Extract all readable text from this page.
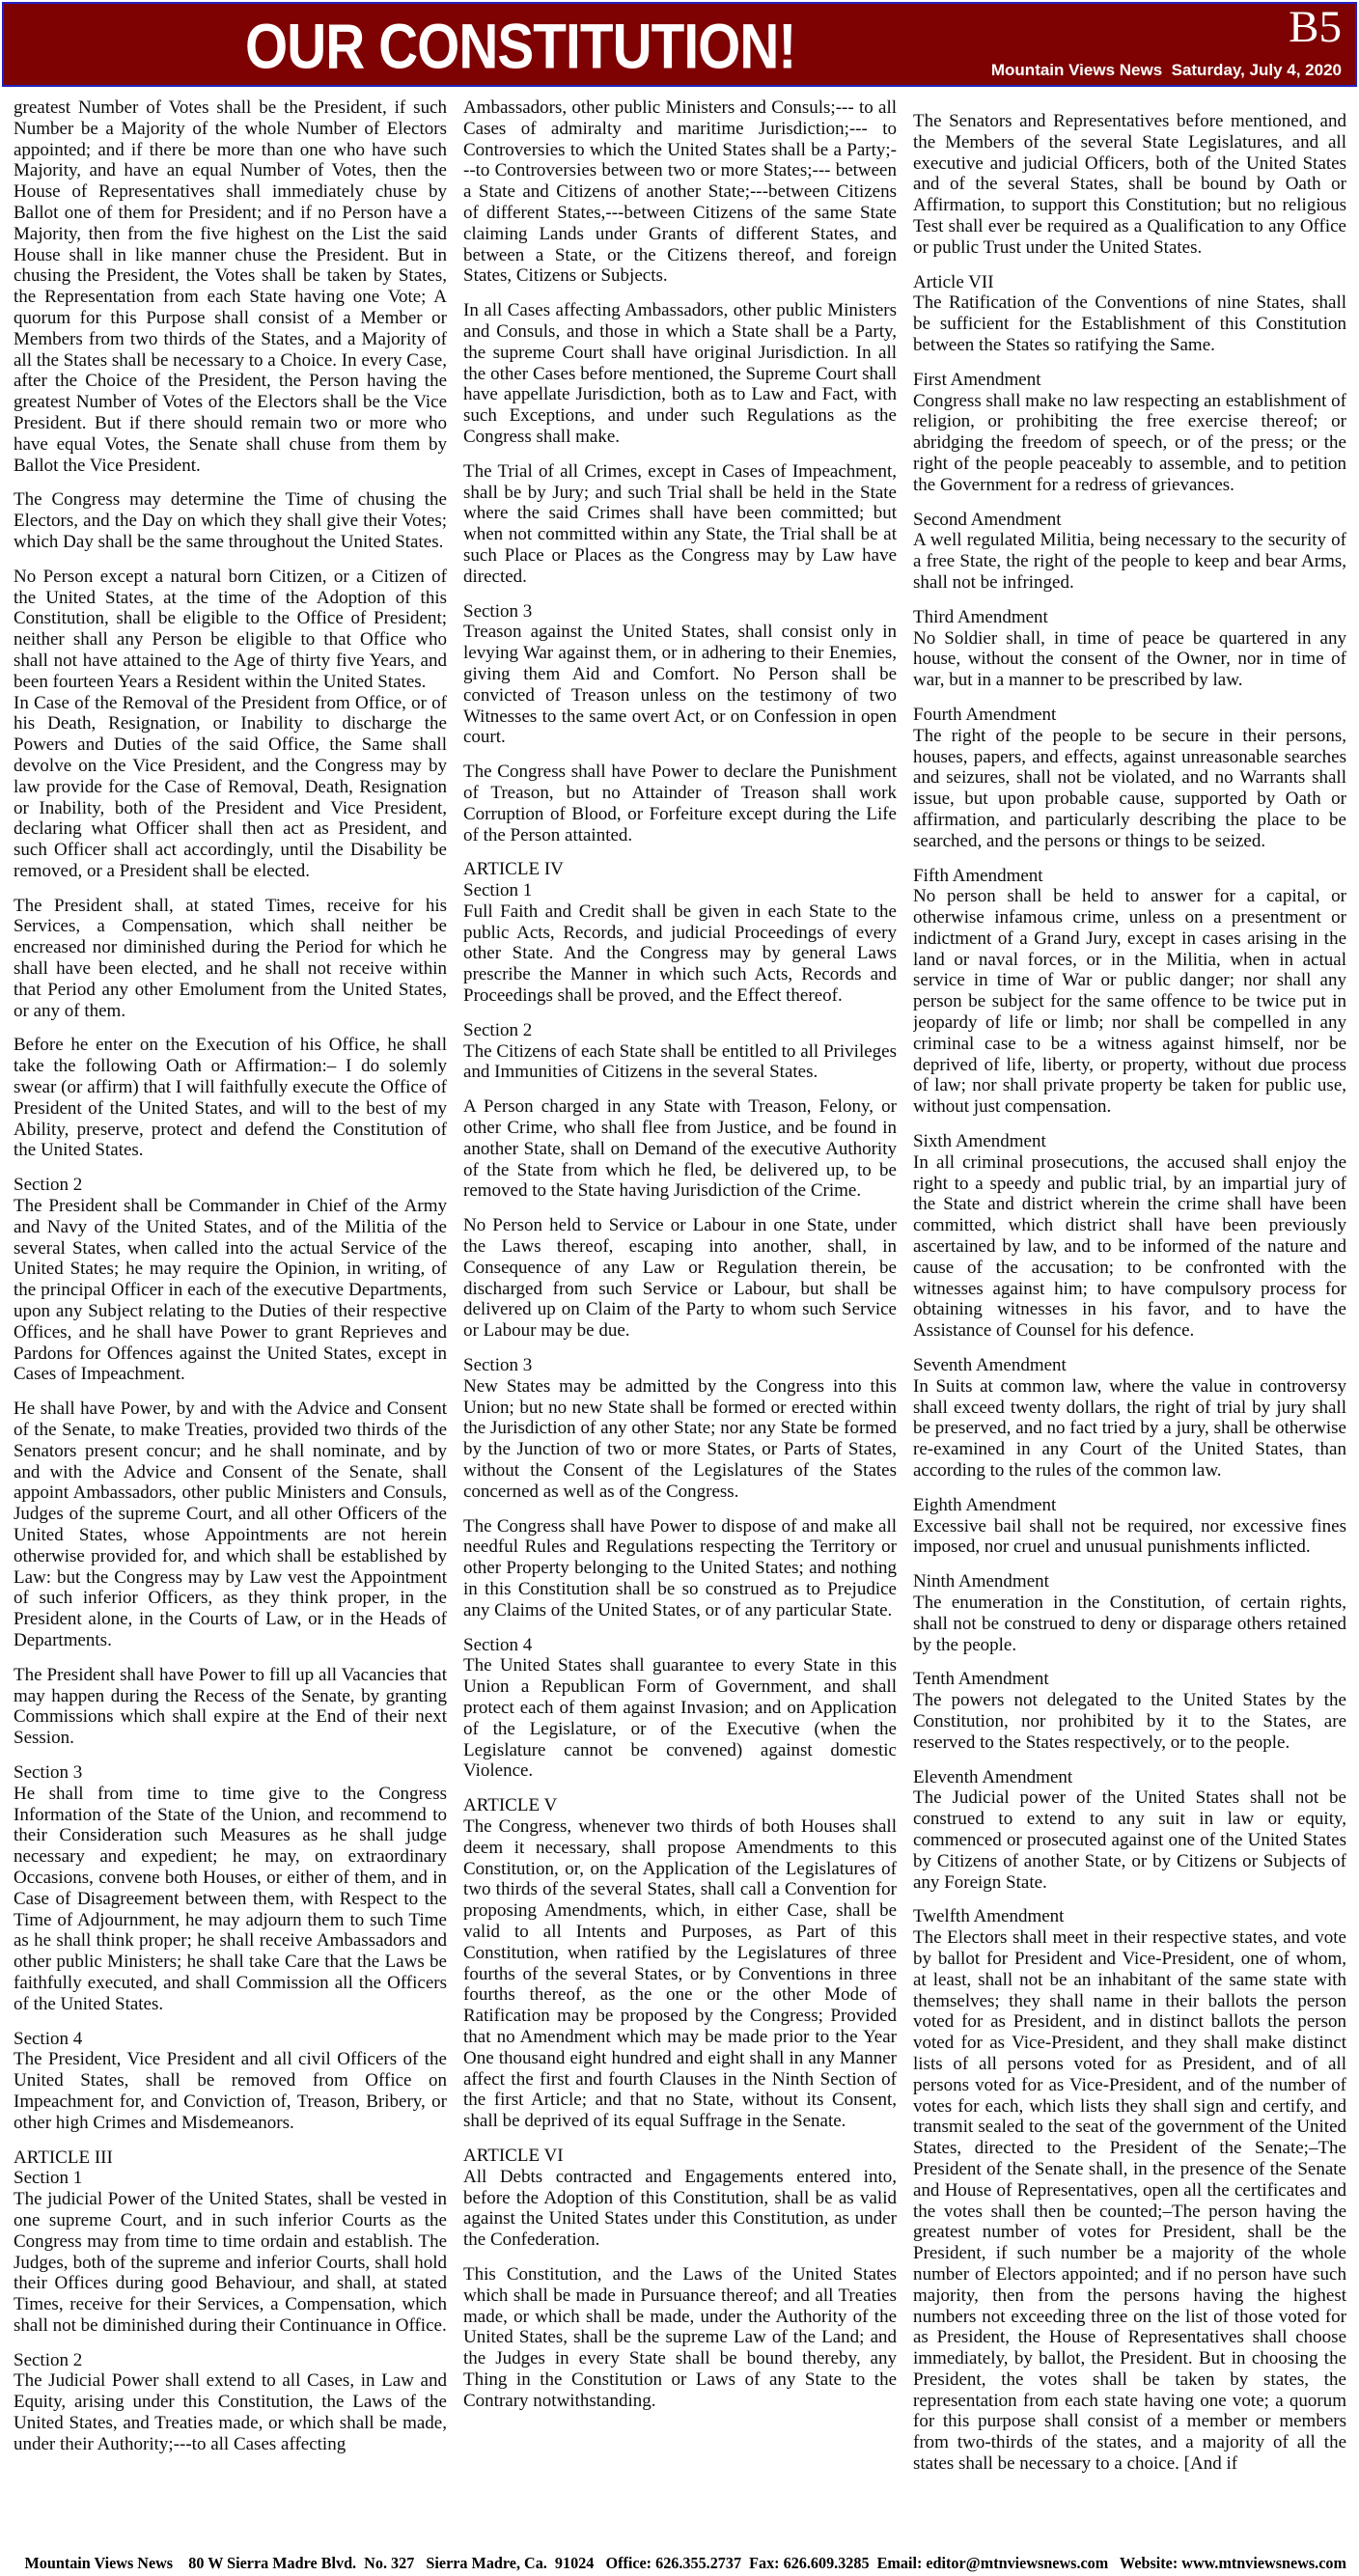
OUR CONSTITUTION!	B5
Mountain Views News  Saturday, July 4, 2020
greatest Number of Votes shall be the President, if such Number be a Majority of the whole Number of Electors appointed; and if there be more than one who have such Majority, and have an equal Number of Votes, then the House of Representatives shall immediately chuse by Ballot one of them for President; and if no Person have a Majority, then from the five highest on the List the said House shall in like manner chuse the President. But in chusing the President, the Votes shall be taken by States, the Representation from each State having one Vote; A quorum for this Purpose shall consist of a Member or Members from two thirds of the States, and a Majority of all the States shall be necessary to a Choice. In every Case, after the Choice of the President, the Person having the greatest Number of Votes of the Electors shall be the Vice President. But if there should remain two or more who have equal Votes, the Senate shall chuse from them by Ballot the Vice President.
The Congress may determine the Time of chusing the Electors, and the Day on which they shall give their Votes; which Day shall be the same throughout the United States.
No Person except a natural born Citizen, or a Citizen of the United States, at the time of the Adoption of this Constitution, shall be eligible to the Office of President; neither shall any Person be eligible to that Office who shall not have attained to the Age of thirty five Years, and been fourteen Years a Resident within the United States.
In Case of the Removal of the President from Office, or of his Death, Resignation, or Inability to discharge the Powers and Duties of the said Office, the Same shall devolve on the Vice President, and the Congress may by law provide for the Case of Removal, Death, Resignation or Inability, both of the President and Vice President, declaring what Officer shall then act as President, and such Officer shall act accordingly, until the Disability be removed, or a President shall be elected.
The President shall, at stated Times, receive for his Services, a Compensation, which shall neither be encreased nor diminished during the Period for which he shall have been elected, and he shall not receive within that Period any other Emolument from the United States, or any of them.
Before he enter on the Execution of his Office, he shall take the following Oath or Affirmation:– I do solemly swear (or affirm) that I will faithfully execute the Office of President of the United States, and will to the best of my Ability, preserve, protect and defend the Constitution of the United States.
Section 2
The President shall be Commander in Chief of the Army and Navy of the United States, and of the Militia of the several States, when called into the actual Service of the United States; he may require the Opinion, in writing, of the principal Officer in each of the executive Departments, upon any Subject relating to the Duties of their respective Offices, and he shall have Power to grant Reprieves and Pardons for Offences against the United States, except in Cases of Impeachment.
He shall have Power, by and with the Advice and Consent of the Senate, to make Treaties, provided two thirds of the Senators present concur; and he shall nominate, and by and with the Advice and Consent of the Senate, shall appoint Ambassadors, other public Ministers and Consuls, Judges of the supreme Court, and all other Officers of the United States, whose Appointments are not herein otherwise provided for, and which shall be established by Law: but the Congress may by Law vest the Appointment of such inferior Officers, as they think proper, in the President alone, in the Courts of Law, or in the Heads of Departments.
The President shall have Power to fill up all Vacancies that may happen during the Recess of the Senate, by granting Commissions which shall expire at the End of their next Session.
Section 3
He shall from time to time give to the Congress Information of the State of the Union, and recommend to their Consideration such Measures as he shall judge necessary and expedient; he may, on extraordinary Occasions, convene both Houses, or either of them, and in Case of Disagreement between them, with Respect to the Time of Adjournment, he may adjourn them to such Time as he shall think proper; he shall receive Ambassadors and other public Ministers; he shall take Care that the Laws be faithfully executed, and shall Commission all the Officers of the United States.
Section 4
The President, Vice President and all civil Officers of the United States, shall be removed from Office on Impeachment for, and Conviction of, Treason, Bribery, or other high Crimes and Misdemeanors.
ARTICLE III
Section 1
The judicial Power of the United States, shall be vested in one supreme Court, and in such inferior Courts as the Congress may from time to time ordain and establish. The Judges, both of the supreme and inferior Courts, shall hold their Offices during good Behaviour, and shall, at stated Times, receive for their Services, a Compensation, which shall not be diminished during their Continuance in Office.
Section 2
The Judicial Power shall extend to all Cases, in Law and Equity, arising under this Constitution, the Laws of the United States, and Treaties made, or which shall be made, under their Authority;---to all Cases affecting
Ambassadors, other public Ministers and Consuls;--- to all Cases of admiralty and maritime Jurisdiction;--- to Controversies to which the United States shall be a Party;---to Controversies between two or more States;--- between a State and Citizens of another State;---between Citizens of different States,---between Citizens of the same State claiming Lands under Grants of different States, and between a State, or the Citizens thereof, and foreign States, Citizens or Subjects.
In all Cases affecting Ambassadors, other public Ministers and Consuls, and those in which a State shall be a Party, the supreme Court shall have original Jurisdiction. In all the other Cases before mentioned, the Supreme Court shall have appellate Jurisdiction, both as to Law and Fact, with such Exceptions, and under such Regulations as the Congress shall make.
The Trial of all Crimes, except in Cases of Impeachment, shall be by Jury; and such Trial shall be held in the State where the said Crimes shall have been committed; but when not committed within any State, the Trial shall be at such Place or Places as the Congress may by Law have directed.
Section 3
Treason against the United States, shall consist only in levying War against them, or in adhering to their Enemies, giving them Aid and Comfort. No Person shall be convicted of Treason unless on the testimony of two Witnesses to the same overt Act, or on Confession in open court.
The Congress shall have Power to declare the Punishment of Treason, but no Attainder of Treason shall work Corruption of Blood, or Forfeiture except during the Life of the Person attainted.
ARTICLE IV
Section 1
Full Faith and Credit shall be given in each State to the public Acts, Records, and judicial Proceedings of every other State. And the Congress may by general Laws prescribe the Manner in which such Acts, Records and Proceedings shall be proved, and the Effect thereof.
Section 2
The Citizens of each State shall be entitled to all Privileges and Immunities of Citizens in the several States.
A Person charged in any State with Treason, Felony, or other Crime, who shall flee from Justice, and be found in another State, shall on Demand of the executive Authority of the State from which he fled, be delivered up, to be removed to the State having Jurisdiction of the Crime.
No Person held to Service or Labour in one State, under the Laws thereof, escaping into another, shall, in Consequence of any Law or Regulation therein, be discharged from such Service or Labour, but shall be delivered up on Claim of the Party to whom such Service or Labour may be due.
Section 3
New States may be admitted by the Congress into this Union; but no new State shall be formed or erected within the Jurisdiction of any other State; nor any State be formed by the Junction of two or more States, or Parts of States, without the Consent of the Legislatures of the States concerned as well as of the Congress.
The Congress shall have Power to dispose of and make all needful Rules and Regulations respecting the Territory or other Property belonging to the United States; and nothing in this Constitution shall be so construed as to Prejudice any Claims of the United States, or of any particular State.
Section 4
The United States shall guarantee to every State in this Union a Republican Form of Government, and shall protect each of them against Invasion; and on Application of the Legislature, or of the Executive (when the Legislature cannot be convened) against domestic Violence.
ARTICLE V
The Congress, whenever two thirds of both Houses shall deem it necessary, shall propose Amendments to this Constitution, or, on the Application of the Legislatures of two thirds of the several States, shall call a Convention for proposing Amendments, which, in either Case, shall be valid to all Intents and Purposes, as Part of this Constitution, when ratified by the Legislatures of three fourths of the several States, or by Conventions in three fourths thereof, as the one or the other Mode of Ratification may be proposed by the Congress; Provided that no Amendment which may be made prior to the Year One thousand eight hundred and eight shall in any Manner affect the first and fourth Clauses in the Ninth Section of the first Article; and that no State, without its Consent, shall be deprived of its equal Suffrage in the Senate.
ARTICLE VI
All Debts contracted and Engagements entered into, before the Adoption of this Constitution, shall be as valid against the United States under this Constitution, as under the Confederation.
This Constitution, and the Laws of the United States which shall be made in Pursuance thereof; and all Treaties made, or which shall be made, under the Authority of the United States, shall be the supreme Law of the Land; and the Judges in every State shall be bound thereby, any Thing in the Constitution or Laws of any State to the Contrary notwithstanding.
The Senators and Representatives before mentioned, and the Members of the several State Legislatures, and all executive and judicial Officers, both of the United States and of the several States, shall be bound by Oath or Affirmation, to support this Constitution; but no religious Test shall ever be required as a Qualification to any Office or public Trust under the United States.
Article VII
The Ratification of the Conventions of nine States, shall be sufficient for the Establishment of this Constitution between the States so ratifying the Same.
First Amendment
Congress shall make no law respecting an establishment of religion, or prohibiting the free exercise thereof; or abridging the freedom of speech, or of the press; or the right of the people peaceably to assemble, and to petition the Government for a redress of grievances.
Second Amendment
A well regulated Militia, being necessary to the security of a free State, the right of the people to keep and bear Arms, shall not be infringed.
Third Amendment
No Soldier shall, in time of peace be quartered in any house, without the consent of the Owner, nor in time of war, but in a manner to be prescribed by law.
Fourth Amendment
The right of the people to be secure in their persons, houses, papers, and effects, against unreasonable searches and seizures, shall not be violated, and no Warrants shall issue, but upon probable cause, supported by Oath or affirmation, and particularly describing the place to be searched, and the persons or things to be seized.
Fifth Amendment
No person shall be held to answer for a capital, or otherwise infamous crime, unless on a presentment or indictment of a Grand Jury, except in cases arising in the land or naval forces, or in the Militia, when in actual service in time of War or public danger; nor shall any person be subject for the same offence to be twice put in jeopardy of life or limb; nor shall be compelled in any criminal case to be a witness against himself, nor be deprived of life, liberty, or property, without due process of law; nor shall private property be taken for public use, without just compensation.
Sixth Amendment
In all criminal prosecutions, the accused shall enjoy the right to a speedy and public trial, by an impartial jury of the State and district wherein the crime shall have been committed, which district shall have been previously ascertained by law, and to be informed of the nature and cause of the accusation; to be confronted with the witnesses against him; to have compulsory process for obtaining witnesses in his favor, and to have the Assistance of Counsel for his defence.
Seventh Amendment
In Suits at common law, where the value in controversy shall exceed twenty dollars, the right of trial by jury shall be preserved, and no fact tried by a jury, shall be otherwise re-examined in any Court of the United States, than according to the rules of the common law.
Eighth Amendment
Excessive bail shall not be required, nor excessive fines imposed, nor cruel and unusual punishments inflicted.
Ninth Amendment
The enumeration in the Constitution, of certain rights, shall not be construed to deny or disparage others retained by the people.
Tenth Amendment
The powers not delegated to the United States by the Constitution, nor prohibited by it to the States, are reserved to the States respectively, or to the people.
Eleventh Amendment
The Judicial power of the United States shall not be construed to extend to any suit in law or equity, commenced or prosecuted against one of the United States by Citizens of another State, or by Citizens or Subjects of any Foreign State.
Twelfth Amendment
The Electors shall meet in their respective states, and vote by ballot for President and Vice-President, one of whom, at least, shall not be an inhabitant of the same state with themselves; they shall name in their ballots the person voted for as President, and in distinct ballots the person voted for as Vice-President, and they shall make distinct lists of all persons voted for as President, and of all persons voted for as Vice-President, and of the number of votes for each, which lists they shall sign and certify, and transmit sealed to the seat of the government of the United States, directed to the President of the Senate;–The President of the Senate shall, in the presence of the Senate and House of Representatives, open all the certificates and the votes shall then be counted;–The person having the greatest number of votes for President, shall be the President, if such number be a majority of the whole number of Electors appointed; and if no person have such majority, then from the persons having the highest numbers not exceeding three on the list of those voted for as President, the House of Representatives shall choose immediately, by ballot, the President. But in choosing the President, the votes shall be taken by states, the representation from each state having one vote; a quorum for this purpose shall consist of a member or members from two-thirds of the states, and a majority of all the states shall be necessary to a choice. [And if
Mountain Views News    80 W Sierra Madre Blvd.  No. 327   Sierra Madre, Ca.  91024   Office: 626.355.2737  Fax: 626.609.3285  Email: editor@mtnviewsnews.com   Website: www.mtnviewsnews.com
